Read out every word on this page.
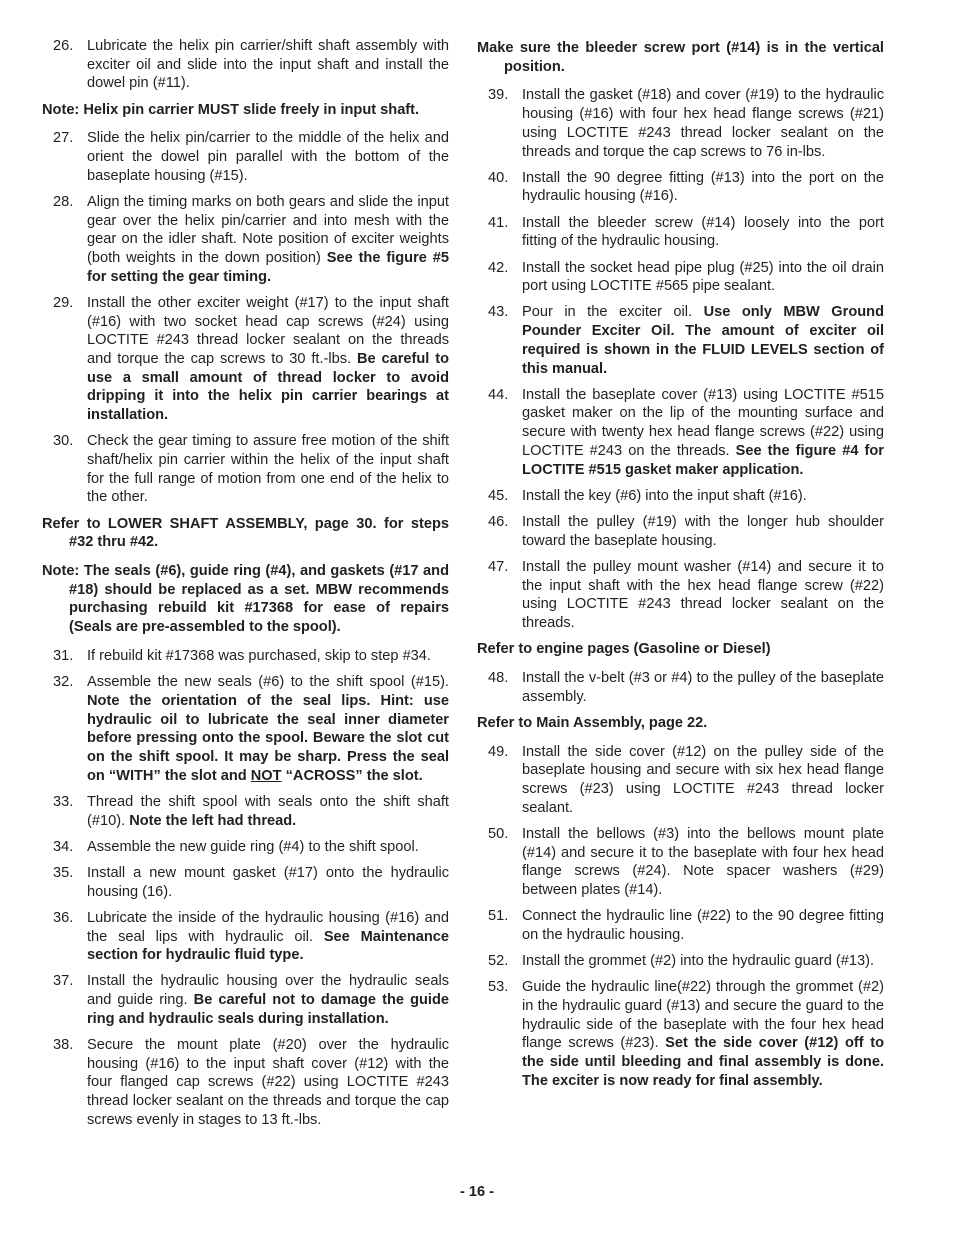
26. Lubricate the helix pin carrier/shift shaft assembly with exciter oil and slide into the input shaft and install the dowel pin (#11).
Note: Helix pin carrier MUST slide freely in input shaft.
27. Slide the helix pin/carrier to the middle of the helix and orient the dowel pin parallel with the bottom of the baseplate housing (#15).
28. Align the timing marks on both gears and slide the input gear over the helix pin/carrier and into mesh with the gear on the idler shaft. Note position of exciter weights (both weights in the down position) See the figure #5 for setting the gear timing.
29. Install the other exciter weight (#17) to the input shaft (#16) with two socket head cap screws (#24) using LOCTITE #243 thread locker sealant on the threads and torque the cap screws to 30 ft.-lbs. Be careful to use a small amount of thread locker to avoid dripping it into the helix pin carrier bearings at installation.
30. Check the gear timing to assure free motion of the shift shaft/helix pin carrier within the helix of the input shaft for the full range of motion from one end of the helix to the other.
Refer to LOWER SHAFT ASSEMBLY, page 30. for steps #32 thru #42.
Note: The seals (#6), guide ring (#4), and gaskets (#17 and #18) should be replaced as a set. MBW recommends purchasing rebuild kit #17368 for ease of repairs (Seals are pre-assembled to the spool).
31. If rebuild kit #17368 was purchased, skip to step #34.
32. Assemble the new seals (#6) to the shift spool (#15). Note the orientation of the seal lips. Hint: use hydraulic oil to lubricate the seal inner diameter before pressing onto the spool. Beware the slot cut on the shift spool. It may be sharp. Press the seal on “WITH” the slot and NOT “ACROSS” the slot.
33. Thread the shift spool with seals onto the shift shaft (#10). Note the left had thread.
34. Assemble the new guide ring (#4) to the shift spool.
35. Install a new mount gasket (#17) onto the hydraulic housing (16).
36. Lubricate the inside of the hydraulic housing (#16) and the seal lips with hydraulic oil. See Maintenance section for hydraulic fluid type.
37. Install the hydraulic housing over the hydraulic seals and guide ring. Be careful not to damage the guide ring and hydraulic seals during installation.
38. Secure the mount plate (#20) over the hydraulic housing (#16) to the input shaft cover (#12) with the four flanged cap screws (#22) using LOCTITE #243 thread locker sealant on the threads and torque the cap screws evenly in stages to 13 ft.-lbs.
Make sure the bleeder screw port (#14) is in the vertical position.
39. Install the gasket (#18) and cover (#19) to the hydraulic housing (#16) with four hex head flange screws (#21) using LOCTITE #243 thread locker sealant on the threads and torque the cap screws to 76 in-lbs.
40. Install the 90 degree fitting (#13) into the port on the hydraulic housing (#16).
41. Install the bleeder screw (#14) loosely into the port fitting of the hydraulic housing.
42. Install the socket head pipe plug (#25) into the oil drain port using LOCTITE #565 pipe sealant.
43. Pour in the exciter oil. Use only MBW Ground Pounder Exciter Oil. The amount of exciter oil required is shown in the FLUID LEVELS section of this manual.
44. Install the baseplate cover (#13) using LOCTITE #515 gasket maker on the lip of the mounting surface and secure with twenty hex head flange screws (#22) using LOCTITE #243 on the threads. See the figure #4 for LOCTITE #515 gasket maker application.
45. Install the key (#6) into the input shaft (#16).
46. Install the pulley (#19) with the longer hub shoulder toward the baseplate housing.
47. Install the pulley mount washer (#14) and secure it to the input shaft with the hex head flange screw (#22) using LOCTITE #243 thread locker sealant on the threads.
Refer to engine pages (Gasoline or Diesel)
48. Install the v-belt (#3 or #4) to the pulley of the baseplate assembly.
Refer to Main Assembly, page 22.
49. Install the side cover (#12) on the pulley side of the baseplate housing and secure with six hex head flange screws (#23) using LOCTITE #243 thread locker sealant.
50. Install the bellows (#3) into the bellows mount plate (#14) and secure it to the baseplate with four hex head flange screws (#24). Note spacer washers (#29) between plates (#14).
51. Connect the hydraulic line (#22) to the 90 degree fitting on the hydraulic housing.
52. Install the grommet (#2) into the hydraulic guard (#13).
53. Guide the hydraulic line(#22) through the grommet (#2) in the hydraulic guard (#13) and secure the guard to the hydraulic side of the baseplate with the four hex head flange screws (#23). Set the side cover (#12) off to the side until bleeding and final assembly is done. The exciter is now ready for final assembly.
- 16 -
